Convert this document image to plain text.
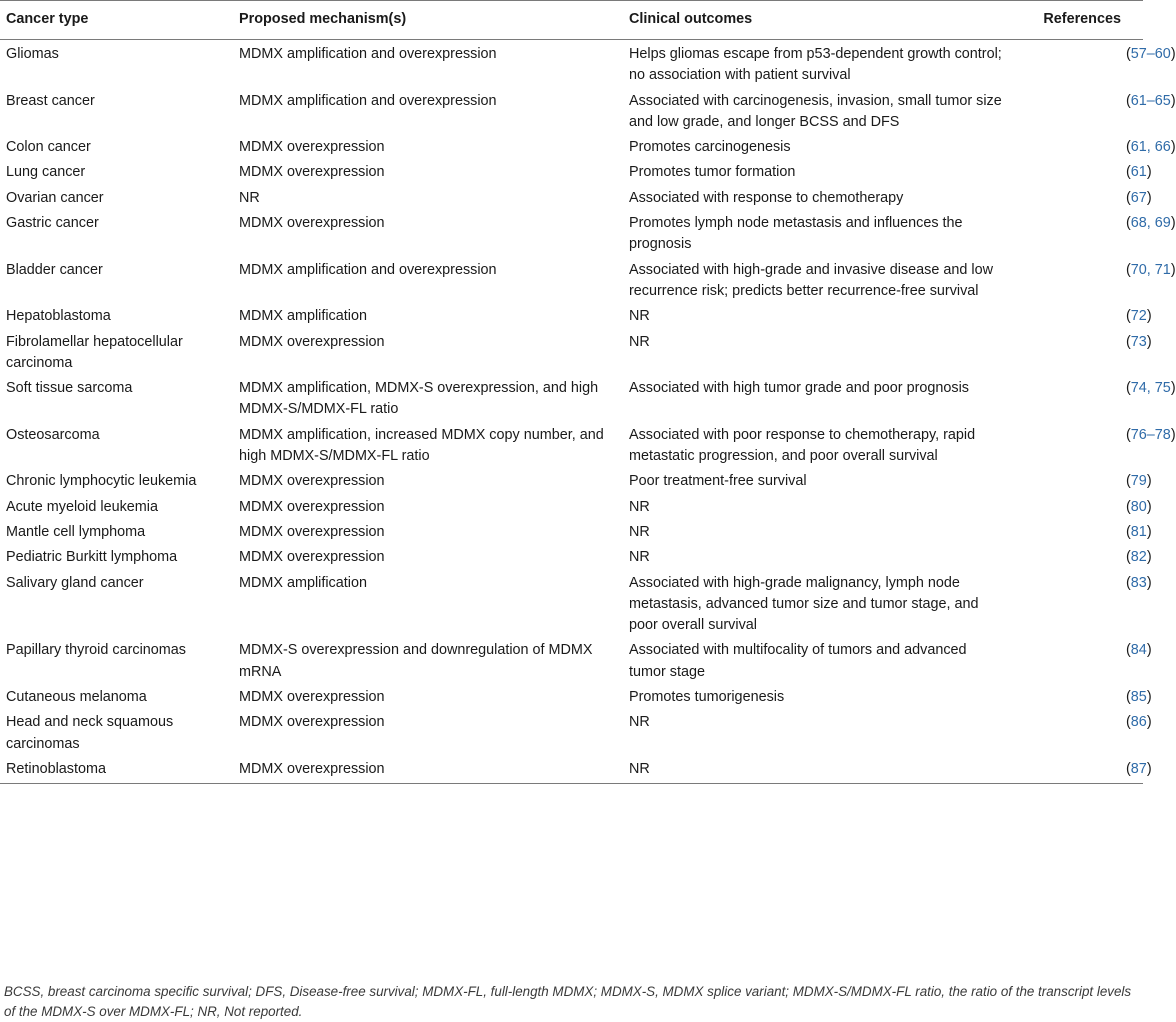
Cancer type	Proposed mechanism(s)	Clinical outcomes	References
Gliomas	MDMX amplification and overexpression	Helps gliomas escape from p53-dependent growth control; no association with patient survival	(57–60)
Breast cancer	MDMX amplification and overexpression	Associated with carcinogenesis, invasion, small tumor size and low grade, and longer BCSS and DFS	(61–65)
Colon cancer	MDMX overexpression	Promotes carcinogenesis	(61, 66)
Lung cancer	MDMX overexpression	Promotes tumor formation	(61)
Ovarian cancer	NR	Associated with response to chemotherapy	(67)
Gastric cancer	MDMX overexpression	Promotes lymph node metastasis and influences the prognosis	(68, 69)
Bladder cancer	MDMX amplification and overexpression	Associated with high-grade and invasive disease and low recurrence risk; predicts better recurrence-free survival	(70, 71)
Hepatoblastoma	MDMX amplification	NR	(72)
Fibrolamellar hepatocellular carcinoma	MDMX overexpression	NR	(73)
Soft tissue sarcoma	MDMX amplification, MDMX-S overexpression, and high MDMX-S/MDMX-FL ratio	Associated with high tumor grade and poor prognosis	(74, 75)
Osteosarcoma	MDMX amplification, increased MDMX copy number, and high MDMX-S/MDMX-FL ratio	Associated with poor response to chemotherapy, rapid metastatic progression, and poor overall survival	(76–78)
Chronic lymphocytic leukemia	MDMX overexpression	Poor treatment-free survival	(79)
Acute myeloid leukemia	MDMX overexpression	NR	(80)
Mantle cell lymphoma	MDMX overexpression	NR	(81)
Pediatric Burkitt lymphoma	MDMX overexpression	NR	(82)
Salivary gland cancer	MDMX amplification	Associated with high-grade malignancy, lymph node metastasis, advanced tumor size and tumor stage, and poor overall survival	(83)
Papillary thyroid carcinomas	MDMX-S overexpression and downregulation of MDMX mRNA	Associated with multifocality of tumors and advanced tumor stage	(84)
Cutaneous melanoma	MDMX overexpression	Promotes tumorigenesis	(85)
Head and neck squamous carcinomas	MDMX overexpression	NR	(86)
Retinoblastoma	MDMX overexpression	NR	(87)
BCSS, breast carcinoma specific survival; DFS, Disease-free survival; MDMX-FL, full-length MDMX; MDMX-S, MDMX splice variant; MDMX-S/MDMX-FL ratio, the ratio of the transcript levels of the MDMX-S over MDMX-FL; NR, Not reported.
